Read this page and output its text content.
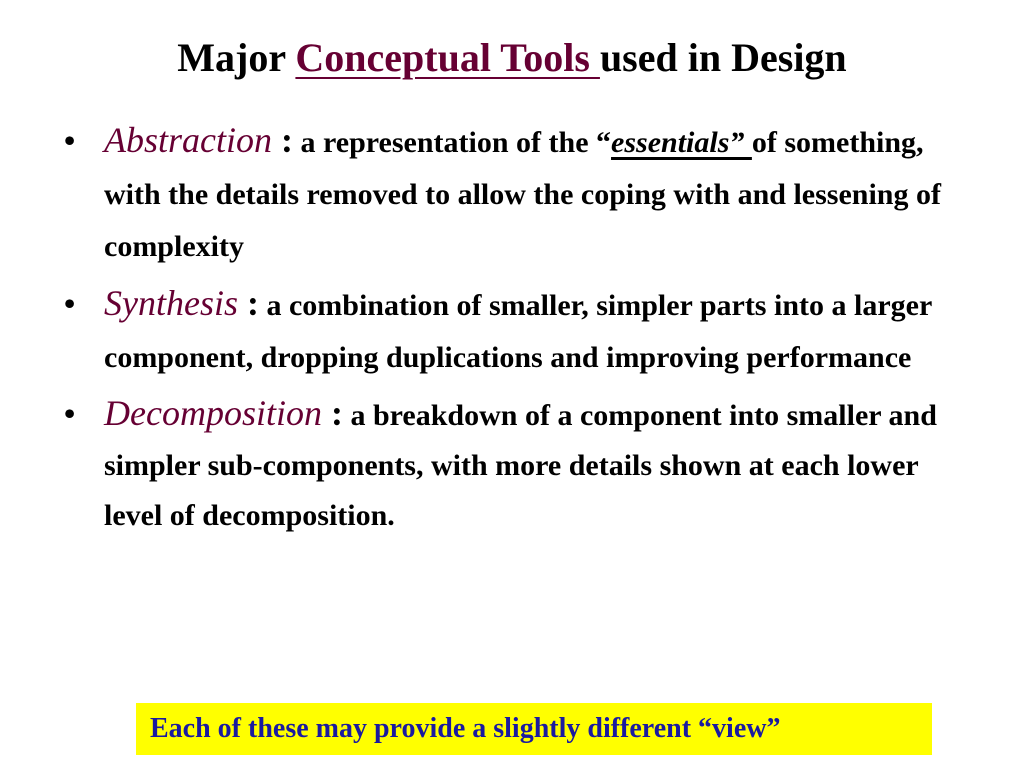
Major Conceptual Tools used in Design
• Abstraction : a representation of the “essentials” of something, with the details removed to allow the coping with and lessening of complexity
• Synthesis : a combination of smaller, simpler parts into a larger component, dropping duplications and improving performance
• Decomposition : a breakdown of a component into smaller and simpler sub-components, with more details shown at each lower level of decomposition.
Each of these may provide a slightly different “view”
